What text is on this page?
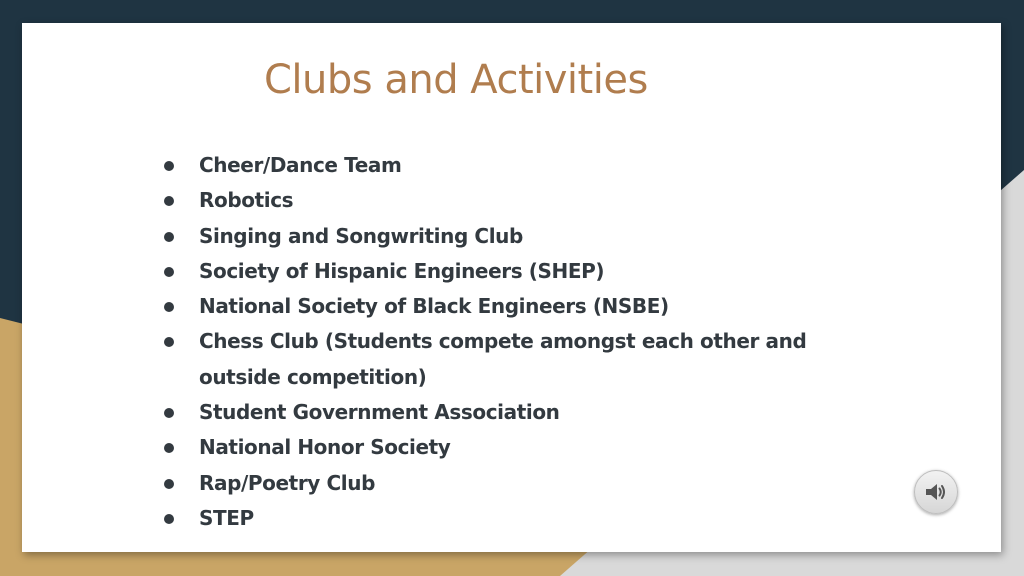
Clubs and Activities
Cheer/Dance Team
Robotics
Singing and Songwriting Club
Society of Hispanic Engineers (SHEP)
National Society of Black Engineers (NSBE)
Chess Club (Students compete amongst each other and outside competition)
Student Government Association
National Honor Society
Rap/Poetry Club
STEP
